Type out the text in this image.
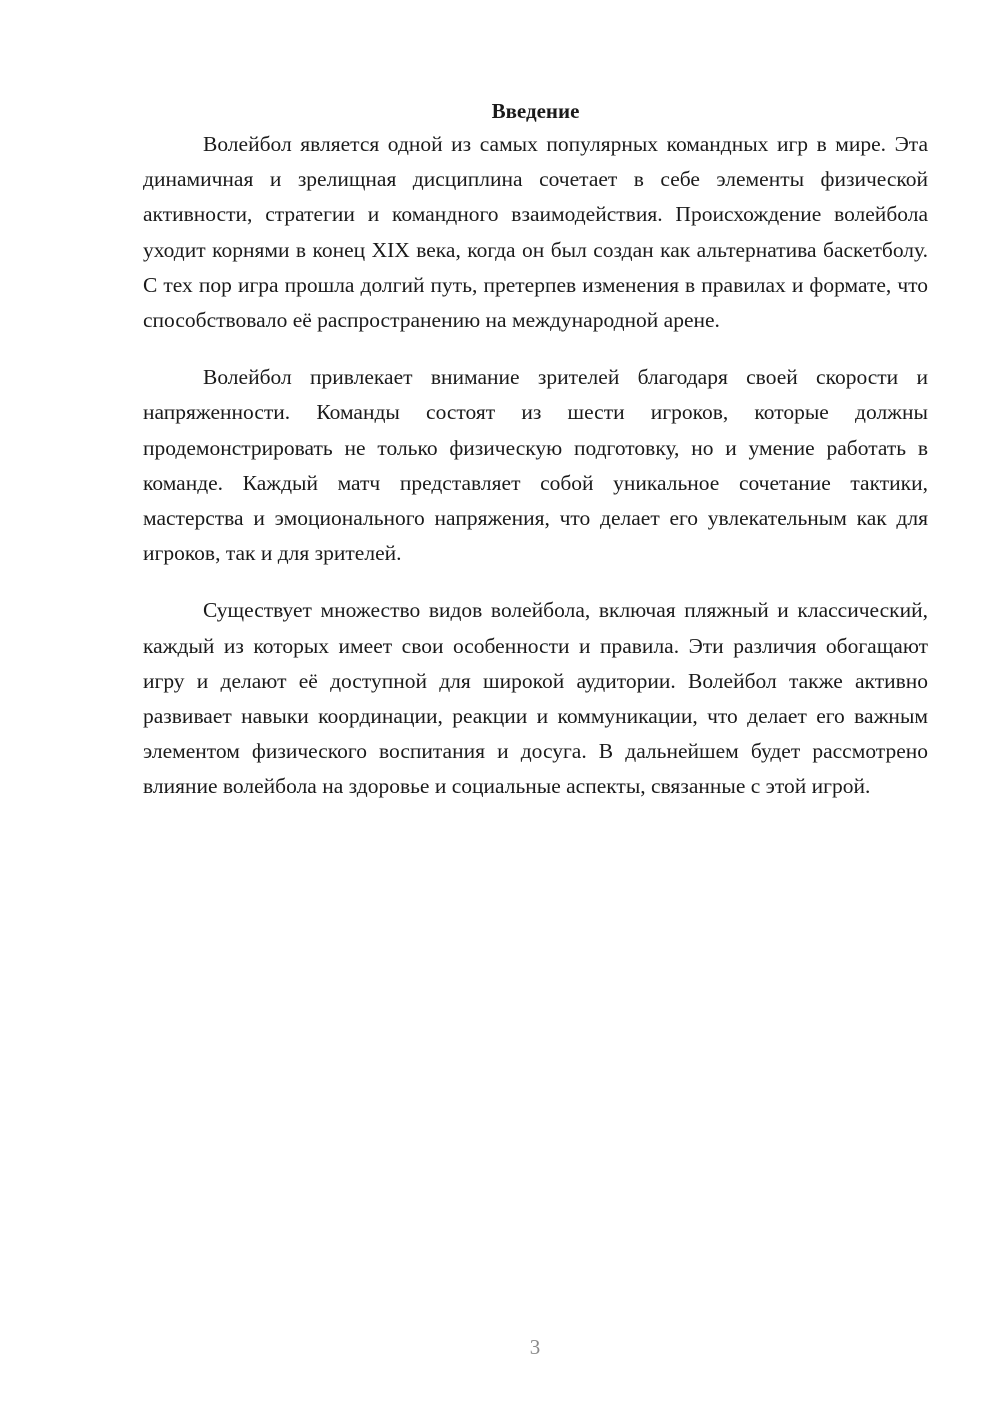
Введение

Волейбол является одной из самых популярных командных игр в мире. Эта динамичная и зрелищная дисциплина сочетает в себе элементы физической активности, стратегии и командного взаимодействия. Происхождение волейбола уходит корнями в конец XIX века, когда он был создан как альтернатива баскетболу. С тех пор игра прошла долгий путь, претерпев изменения в правилах и формате, что способствовало её распространению на международной арене.

Волейбол привлекает внимание зрителей благодаря своей скорости и напряженности. Команды состоят из шести игроков, которые должны продемонстрировать не только физическую подготовку, но и умение работать в команде. Каждый матч представляет собой уникальное сочетание тактики, мастерства и эмоционального напряжения, что делает его увлекательным как для игроков, так и для зрителей.

Существует множество видов волейбола, включая пляжный и классический, каждый из которых имеет свои особенности и правила. Эти различия обогащают игру и делают её доступной для широкой аудитории. Волейбол также активно развивает навыки координации, реакции и коммуникации, что делает его важным элементом физического воспитания и досуга. В дальнейшем будет рассмотрено влияние волейбола на здоровье и социальные аспекты, связанные с этой игрой.

3
